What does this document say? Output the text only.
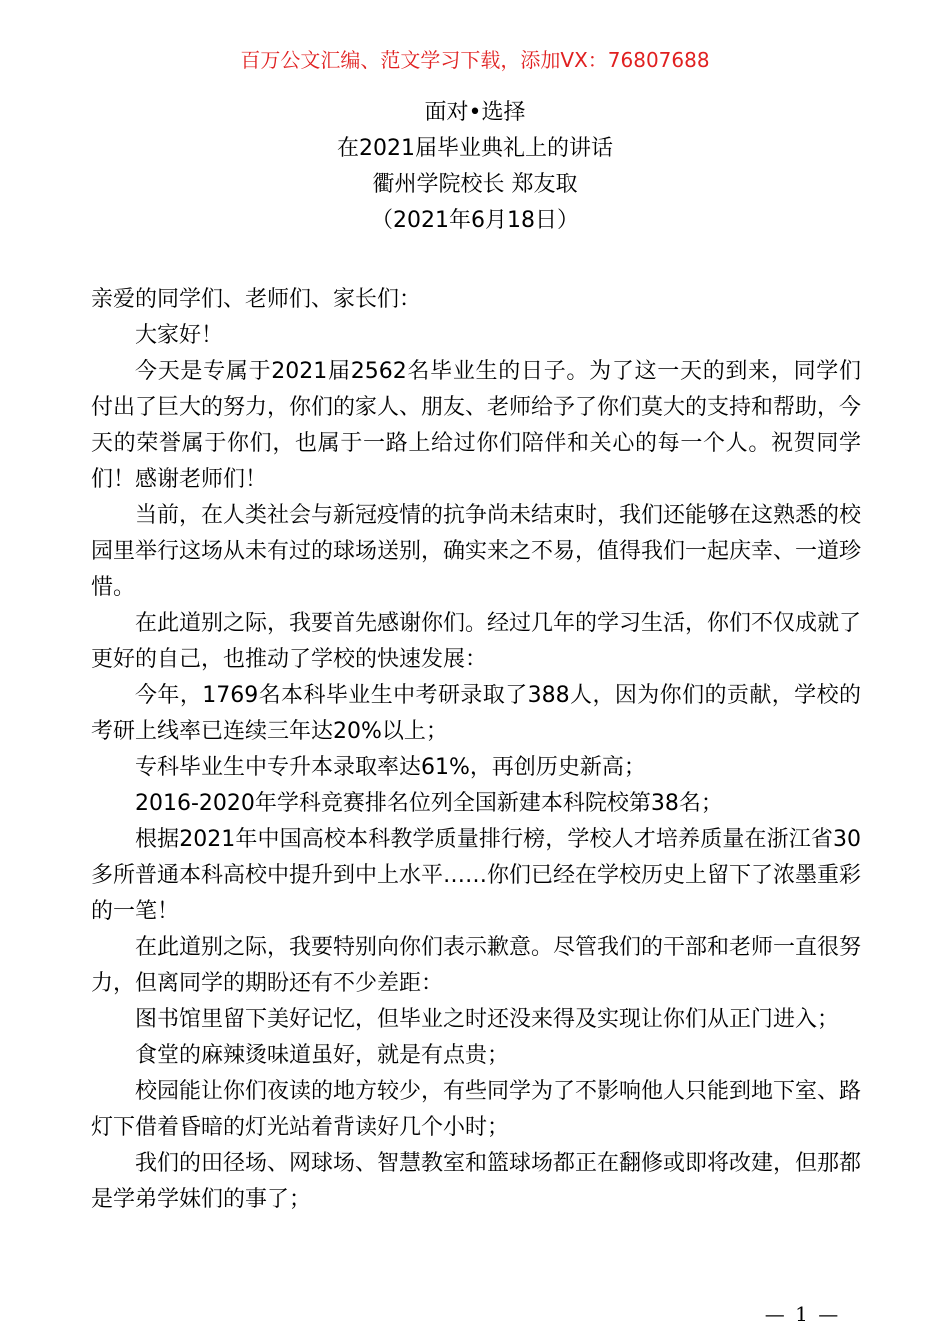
百万公文汇编、范文学习下载，添加VX：76807688
面对•选择
在2021届毕业典礼上的讲话
衢州学院校长 郑友取
（2021年6月18日）

亲爱的同学们、老师们、家长们：

大家好！

今天是专属于2021届2562名毕业生的日子。为了这一天的到来，同学们付出了巨大的努力，你们的家人、朋友、老师给予了你们莫大的支持和帮助，今天的荣誉属于你们，也属于一路上给过你们陪伴和关心的每一个人。祝贺同学们！感谢老师们！

当前，在人类社会与新冠疫情的抗争尚未结束时，我们还能够在这熟悉的校园里举行这场从未有过的球场送别，确实来之不易，值得我们一起庆幸、一道珍惜。

在此道别之际，我要首先感谢你们。经过几年的学习生活，你们不仅成就了更好的自己，也推动了学校的快速发展：

今年，1769名本科毕业生中考研录取了388人，因为你们的贡献，学校的考研上线率已连续三年达20%以上；

专科毕业生中专升本录取率达61%，再创历史新高；

2016-2020年学科竞赛排名位列全国新建本科院校第38名；

根据2021年中国高校本科教学质量排行榜，学校人才培养质量在浙江省30多所普通本科高校中提升到中上水平……你们已经在学校历史上留下了浓墨重彩的一笔！

在此道别之际，我要特别向你们表示歉意。尽管我们的干部和老师一直很努力，但离同学的期盼还有不少差距：

图书馆里留下美好记忆，但毕业之时还没来得及实现让你们从正门进入；

食堂的麻辣烫味道虽好，就是有点贵；

校园能让你们夜读的地方较少，有些同学为了不影响他人只能到地下室、路灯下借着昏暗的灯光站着背读好几个小时；

我们的田径场、网球场、智慧教室和篮球场都正在翻修或即将改建，但那都是学弟学妹们的事了；

— 1 —
